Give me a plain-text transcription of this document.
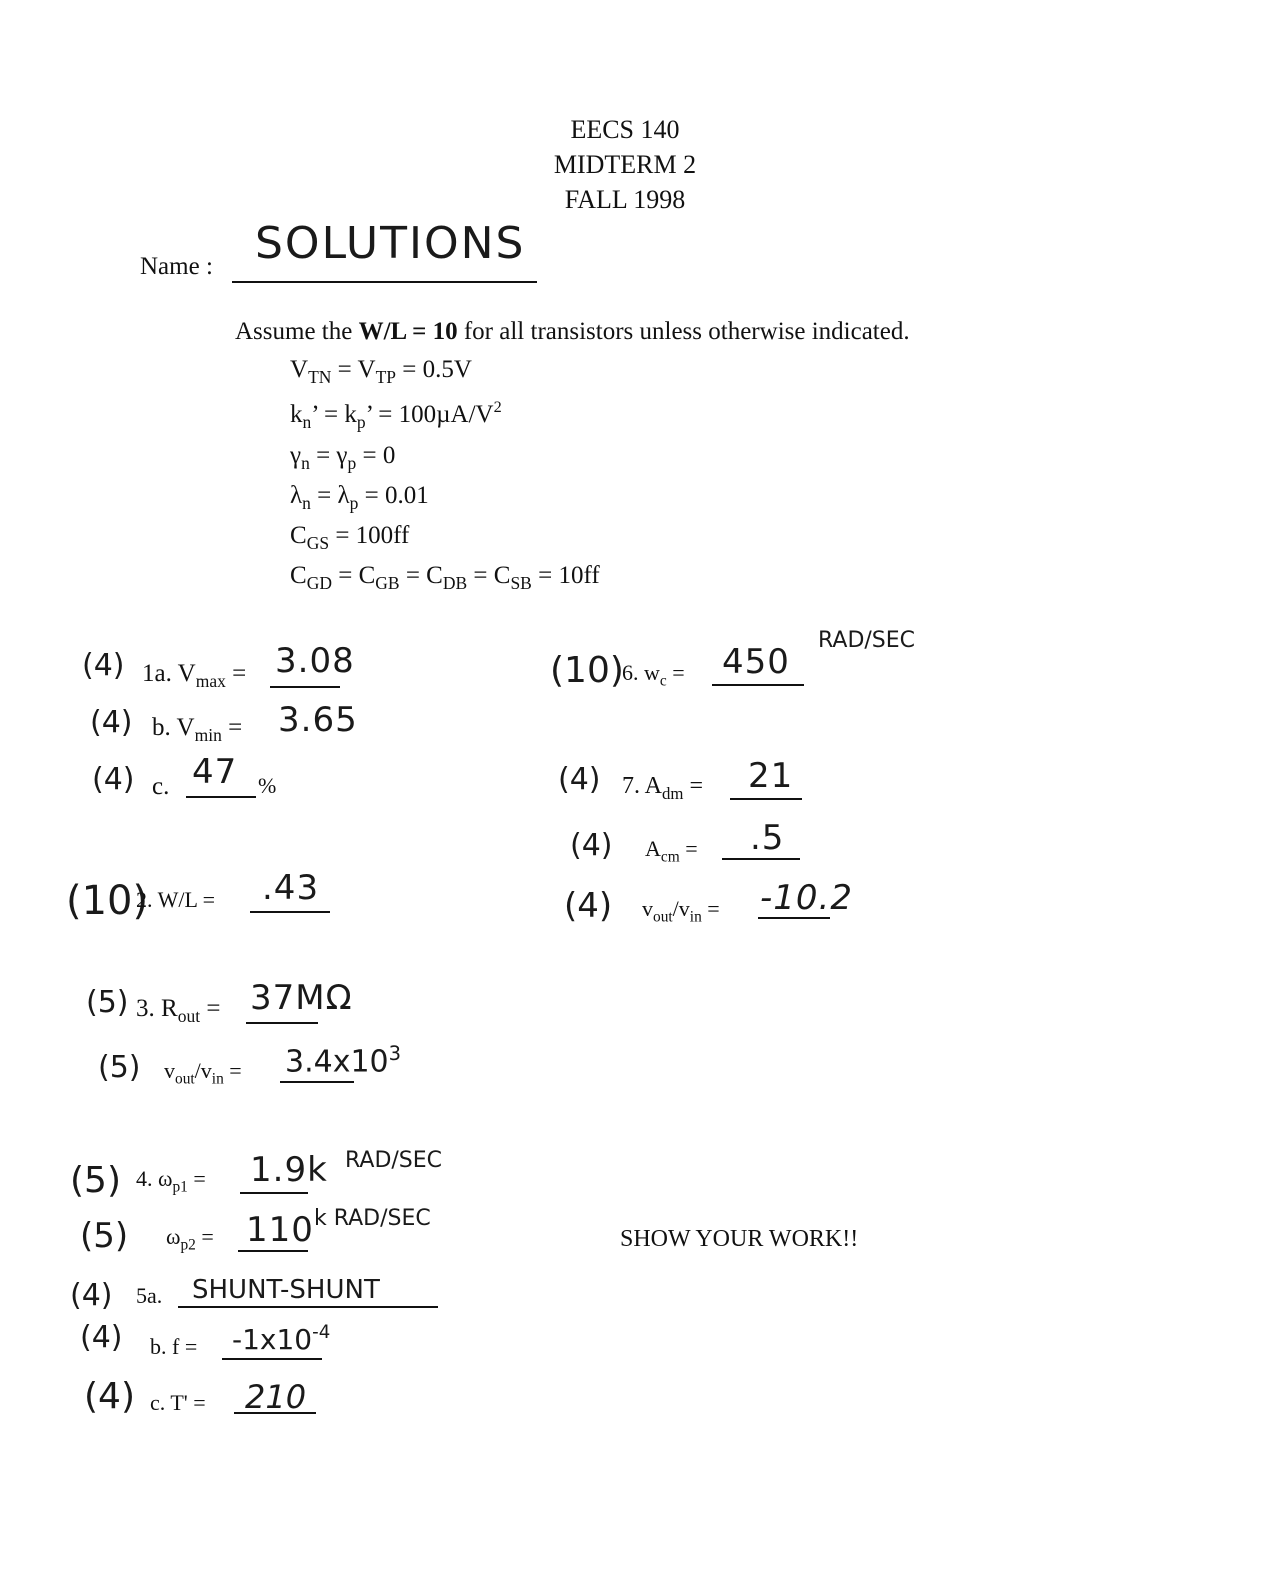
EECS 140
MIDTERM 2
FALL 1998
Name : SOLUTIONS
Assume the W/L = 10 for all transistors unless otherwise indicated.
$V_{TN} = V_{TP} = 0.5V$
$k_n$’ = $k_p$’ = $100\mu A/V^2$
$\gamma_n = \gamma_p = 0$
$\lambda_n = \lambda_p = 0.01$
$C_{GS} = 100ff$
$C_{GD} = C_{GB} = C_{DB} = C_{SB} = 10ff$
(4) 1a. $V_{max} = 3.08$
(4) b. $V_{min} = 3.65$
(4) c. 47 %
(10)
2. W/L = .43
(5) 3. $R_{out} = 37M\Omega$
(5) $v_{out}/v_{in} = 3.4x10^3$
(5) 4. $\omega_{p1} = 1.9k$ RAD/SEC
(5) $\omega_{p2} = 110$ k RAD/SEC
(4) 5a. SHUNT-SHUNT
(4) b. $f = -1x10^{-4}$
(4) c. T' = 210
(10)
6. $w_c = 450$
RAD/SEC
(4) 7. $A_{dm} = 21$
(4) $A_{cm} = .5$
(4) $v_{out}/v_{in} = -10.2$
SHOW YOUR WORK!!
